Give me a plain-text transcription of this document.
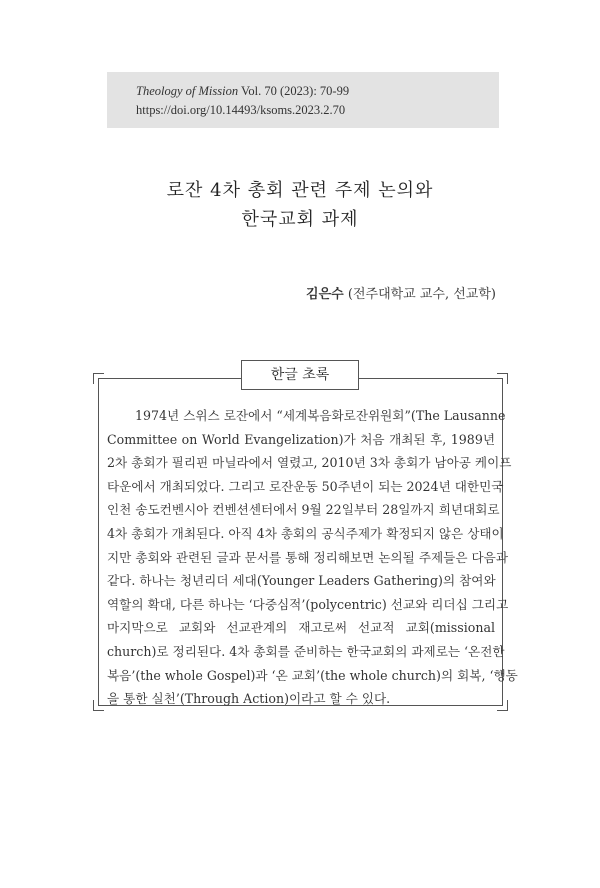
Theology of Mission Vol. 70 (2023): 70-99
https://doi.org/10.14493/ksoms.2023.2.70
로잔 4차 총회 관련 주제 논의와
한국교회 과제
김은수 (전주대학교 교수, 선교학)
한글 초록

1974년 스위스 로잔에서 “세계복음화로잔위원회”(The Lausanne
Committee on World Evangelization)가 처음 개최된 후, 1989년
2차 총회가 필리핀 마닐라에서 열렸고, 2010년 3차 총회가 남아공 케이프
타운에서 개최되었다. 그리고 로잔운동 50주년이 되는 2024년 대한민국
인천 송도컨벤시아 컨벤션센터에서 9월 22일부터 28일까지 희년대회로
4차 총회가 개최된다. 아직 4차 총회의 공식주제가 확정되지 않은 상태이
지만 총회와 관련된 글과 문서를 통해 정리해보면 논의될 주제들은 다음과
같다. 하나는 청년리더 세대(Younger Leaders Gathering)의 참여와
역할의 확대, 다른 하나는 ‘다중심적’(polycentric) 선교와 리더십 그리고
마지막으로 교회와 선교관계의 재고로써 선교적 교회(missional
church)로 정리된다. 4차 총회를 준비하는 한국교회의 과제로는 ‘온전한
복음’(the whole Gospel)과 ‘온 교회’(the whole church)의 회복, ‘행동
을 통한 실천’(Through Action)이라고 할 수 있다.
